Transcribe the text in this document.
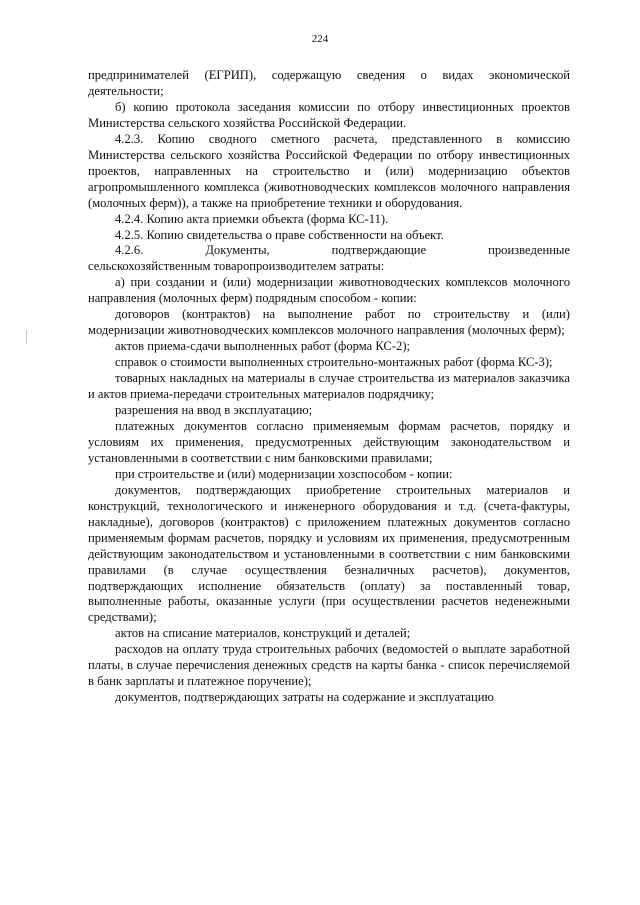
224

предпринимателей (ЕГРИП), содержащую сведения о видах экономической деятельности;

б) копию протокола заседания комиссии по отбору инвестиционных проектов Министерства сельского хозяйства Российской Федерации.

4.2.3. Копию сводного сметного расчета, представленного в комиссию Министерства сельского хозяйства Российской Федерации по отбору инвестиционных проектов, направленных на строительство и (или) модернизацию объектов агропромышленного комплекса (животноводческих комплексов молочного направления (молочных ферм)), а также на приобретение техники и оборудования.

4.2.4. Копию акта приемки объекта (форма КС-11).

4.2.5. Копию свидетельства о праве собственности на объект.

4.2.6. Документы, подтверждающие произведенные

сельскохозяйственным товаропроизводителем затраты:

а) при создании и (или) модернизации животноводческих комплексов молочного направления (молочных ферм) подрядным способом - копии:

договоров (контрактов) на выполнение работ по строительству и (или) модернизации животноводческих комплексов молочного направления (молочных ферм);

актов приема-сдачи выполненных работ (форма КС-2);

справок о стоимости выполненных строительно-монтажных работ (форма КС-3);

товарных накладных на материалы в случае строительства из материалов заказчика и актов приема-передачи строительных материалов подрядчику;

разрешения на ввод в эксплуатацию;

платежных документов согласно применяемым формам расчетов, порядку и условиям их применения, предусмотренных действующим законодательством и установленными в соответствии с ним банковскими правилами;

при строительстве и (или) модернизации хозспособом - копии:

документов, подтверждающих приобретение строительных материалов и конструкций, технологического и инженерного оборудования и т.д. (счета-фактуры, накладные), договоров (контрактов) с приложением платежных документов согласно применяемым формам расчетов, порядку и условиям их применения, предусмотренным действующим законодательством и установленными в соответствии с ним банковскими правилами (в случае осуществления безналичных расчетов), документов, подтверждающих исполнение обязательств (оплату) за поставленный товар, выполненные работы, оказанные услуги (при осуществлении расчетов неденежными средствами);

актов на списание материалов, конструкций и деталей;

расходов на оплату труда строительных рабочих (ведомостей о выплате заработной платы, в случае перечисления денежных средств на карты банка - список перечисляемой в банк зарплаты и платежное поручение);

документов, подтверждающих затраты на содержание и эксплуатацию
